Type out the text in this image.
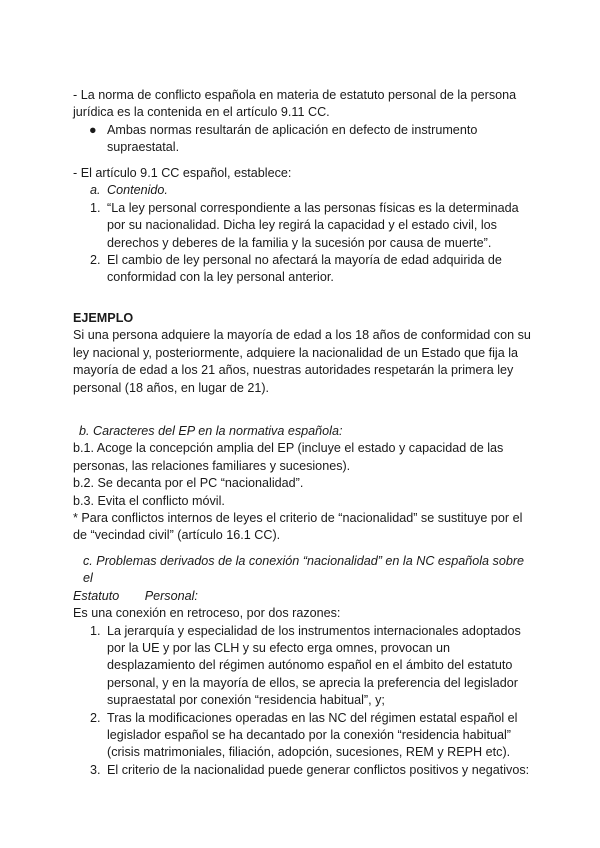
- La norma de conflicto española en materia de estatuto personal de la persona jurídica es la contenida en el artículo 9.11 CC.

● Ambas normas resultarán de aplicación en defecto de instrumento supraestatal.

- El artículo 9.1 CC español, establece:

a. Contenido.

1. “La ley personal correspondiente a las personas físicas es la determinada por su nacionalidad. Dicha ley regirá la capacidad y el estado civil, los derechos y deberes de la familia y la sucesión por causa de muerte”.

2. El cambio de ley personal no afectará la mayoría de edad adquirida de conformidad con la ley personal anterior.

EJEMPLO

Si una persona adquiere la mayoría de edad a los 18 años de conformidad con su ley nacional y, posteriormente, adquiere la nacionalidad de un Estado que fija la mayoría de edad a los 21 años, nuestras autoridades respetarán la primera ley personal (18 años, en lugar de 21).

b. Caracteres del EP en la normativa española:

b.1. Acoge la concepción amplia del EP (incluye el estado y capacidad de las personas, las relaciones familiares y sucesiones).

b.2. Se decanta por el PC “nacionalidad”.

b.3. Evita el conflicto móvil.

* Para conflictos internos de leyes el criterio de “nacionalidad” se sustituye por el de “vecindad civil” (artículo 16.1 CC).

c. Problemas derivados de la conexión “nacionalidad” en la NC española sobre el

Estatuto Personal:

Es una conexión en retroceso, por dos razones:

1. La jerarquía y especialidad de los instrumentos internacionales adoptados por la UE y por las CLH y su efecto erga omnes, provocan un desplazamiento del régimen autónomo español en el ámbito del estatuto personal, y en la mayoría de ellos, se aprecia la preferencia del legislador supraestatal por conexión “residencia habitual”, y;

2. Tras la modificaciones operadas en las NC del régimen estatal español el legislador español se ha decantado por la conexión “residencia habitual” (crisis matrimoniales, filiación, adopción, sucesiones, REM y REPH etc).

3. El criterio de la nacionalidad puede generar conflictos positivos y negativos:
